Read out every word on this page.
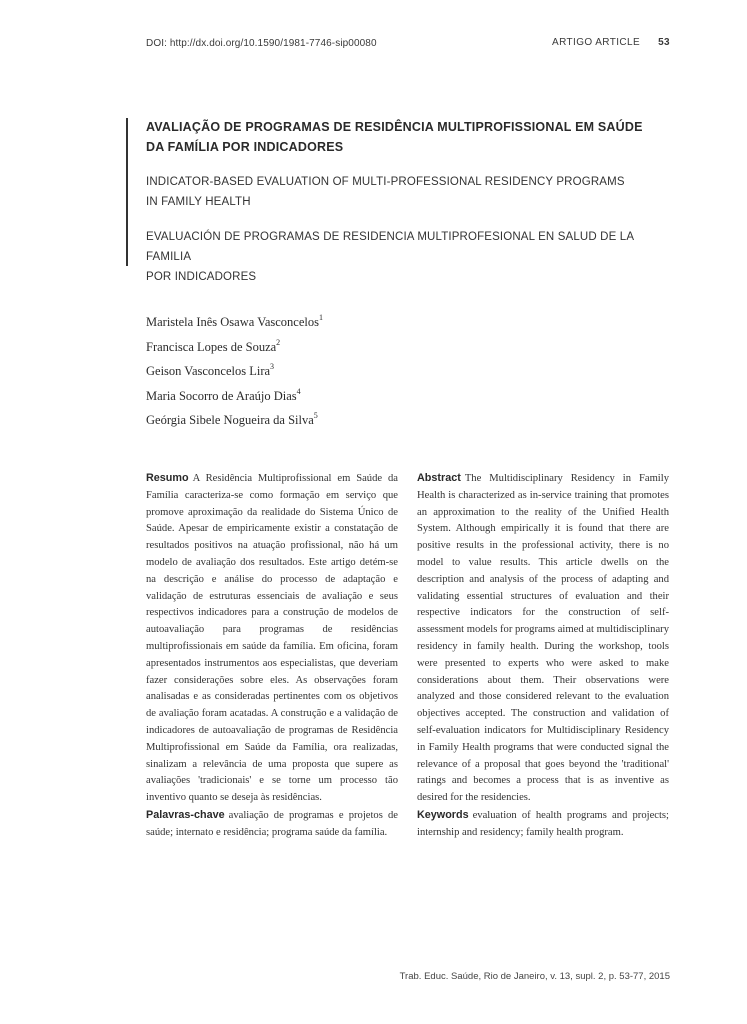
DOI: http://dx.doi.org/10.1590/1981-7746-sip00080	ARTIGO ARTICLE 53
AVALIAÇÃO DE PROGRAMAS DE RESIDÊNCIA MULTIPROFISSIONAL EM SAÚDE
DA FAMÍLIA POR INDICADORES
INDICATOR-BASED EVALUATION OF MULTI-PROFESSIONAL RESIDENCY PROGRAMS
IN FAMILY HEALTH
EVALUACIÓN DE PROGRAMAS DE RESIDENCIA MULTIPROFESIONAL EN SALUD DE LA FAMILIA
POR INDICADORES
Maristela Inês Osawa Vasconcelos$^1$
Francisca Lopes de Souza$^2$
Geison Vasconcelos Lira$^3$
Maria Socorro de Araújo Dias$^4$
Geórgia Sibele Nogueira da Silva$^5$

Resumo A Residência Multiprofissional em Saúde da Família caracteriza-se como formação em serviço que promove aproximação da realidade do Sistema Único de Saúde. Apesar de empiricamente existir a constatação de resultados positivos na atuação profissional, não há um modelo de avaliação dos resultados. Este artigo detém-se na descrição e análise do processo de adaptação e validação de estruturas essenciais de avaliação e seus respectivos indicadores para a construção de modelos de autoavaliação para programas de residências multiprofissionais em saúde da família. Em oficina, foram apresentados instrumentos aos especialistas, que deveriam fazer considerações sobre eles. As observações foram analisadas e as consideradas pertinentes com os objetivos de avaliação foram acatadas. A construção e a validação de indicadores de autoavaliação de programas de Residência Multiprofissional em Saúde da Família, ora realizadas, sinalizam a relevância de uma proposta que supere as avaliações 'tradicionais' e se torne um processo tão inventivo quanto se deseja às residências.

Palavras-chave avaliação de programas e projetos de saúde; internato e residência; programa saúde da família.

Abstract The Multidisciplinary Residency in Family Health is characterized as in-service training that promotes an approximation to the reality of the Unified Health System. Although empirically it is found that there are positive results in the professional activity, there is no model to value results. This article dwells on the description and analysis of the process of adapting and validating essential structures of evaluation and their respective indicators for the construction of self-assessment models for programs aimed at multidisciplinary residency in family health. During the workshop, tools were presented to experts who were asked to make considerations about them. Their observations were analyzed and those considered relevant to the evaluation objectives accepted. The construction and validation of self-evaluation indicators for Multidisciplinary Residency in Family Health programs that were conducted signal the relevance of a proposal that goes beyond the 'traditional' ratings and becomes a process that is as inventive as desired for the residencies.

Keywords evaluation of health programs and projects; internship and residency; family health program.

Trab. Educ. Saúde, Rio de Janeiro, v. 13, supl. 2, p. 53-77, 2015
